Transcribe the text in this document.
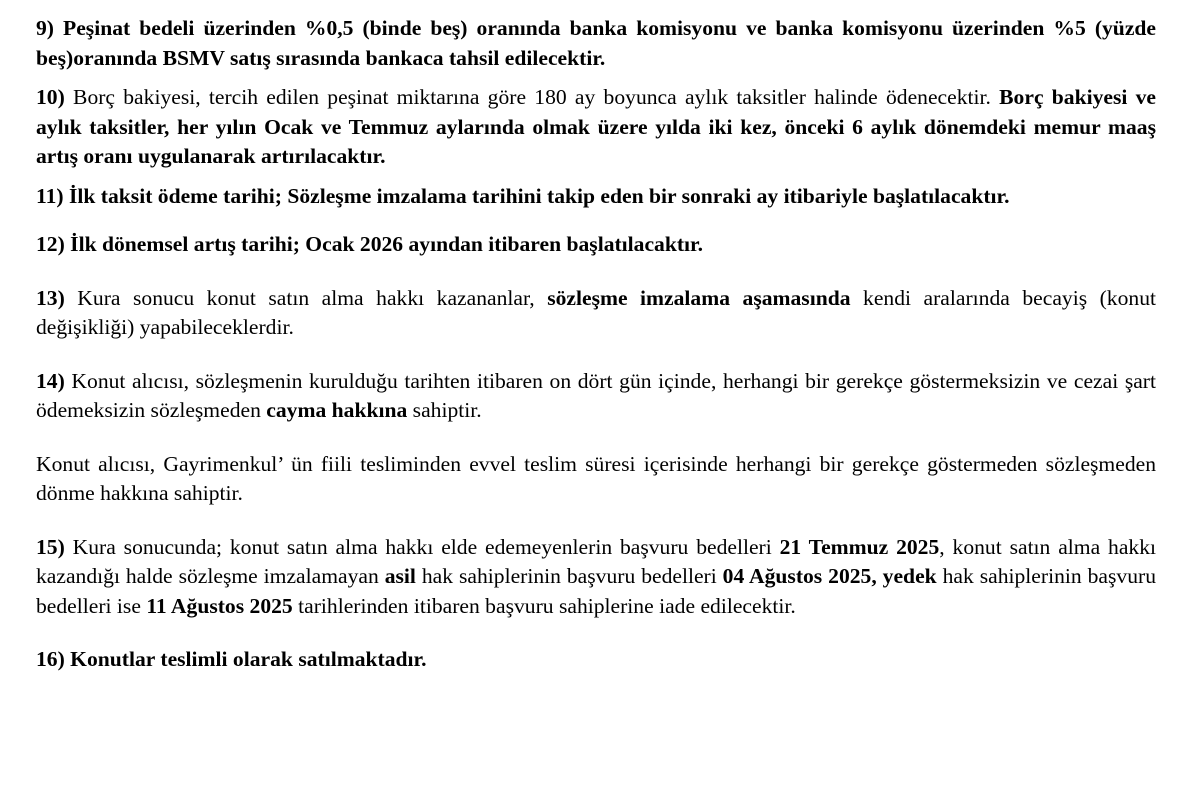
9) Peşinat bedeli üzerinden %0,5 (binde beş) oranında banka komisyonu ve banka komisyonu üzerinden %5 (yüzde beş)oranında BSMV satış sırasında bankaca tahsil edilecektir.

10) Borç bakiyesi, tercih edilen peşinat miktarına göre 180 ay boyunca aylık taksitler halinde ödenecektir. Borç bakiyesi ve aylık taksitler, her yılın Ocak ve Temmuz aylarında olmak üzere yılda iki kez, önceki 6 aylık dönemdeki memur maaş artış oranı uygulanarak artırılacaktır.

11) İlk taksit ödeme tarihi; Sözleşme imzalama tarihini takip eden bir sonraki ay itibariyle başlatılacaktır.

12) İlk dönemsel artış tarihi; Ocak 2026 ayından itibaren başlatılacaktır.

13) Kura sonucu konut satın alma hakkı kazananlar, sözleşme imzalama aşamasında kendi aralarında becayiş (konut değişikliği) yapabileceklerdir.

14) Konut alıcısı, sözleşmenin kurulduğu tarihten itibaren on dört gün içinde, herhangi bir gerekçe göstermeksizin ve cezai şart ödemeksizin sözleşmeden cayma hakkına sahiptir.

Konut alıcısı, Gayrimenkul’ ün fiili tesliminden evvel teslim süresi içerisinde herhangi bir gerekçe göstermeden sözleşmeden dönme hakkına sahiptir.

15) Kura sonucunda; konut satın alma hakkı elde edemeyenlerin başvuru bedelleri 21 Temmuz 2025, konut satın alma hakkı kazandığı halde sözleşme imzalamayan asil hak sahiplerinin başvuru bedelleri 04 Ağustos 2025, yedek hak sahiplerinin başvuru bedelleri ise 11 Ağustos 2025 tarihlerinden itibaren başvuru sahiplerine iade edilecektir.

16) Konutlar teslimli olarak satılmaktadır.
